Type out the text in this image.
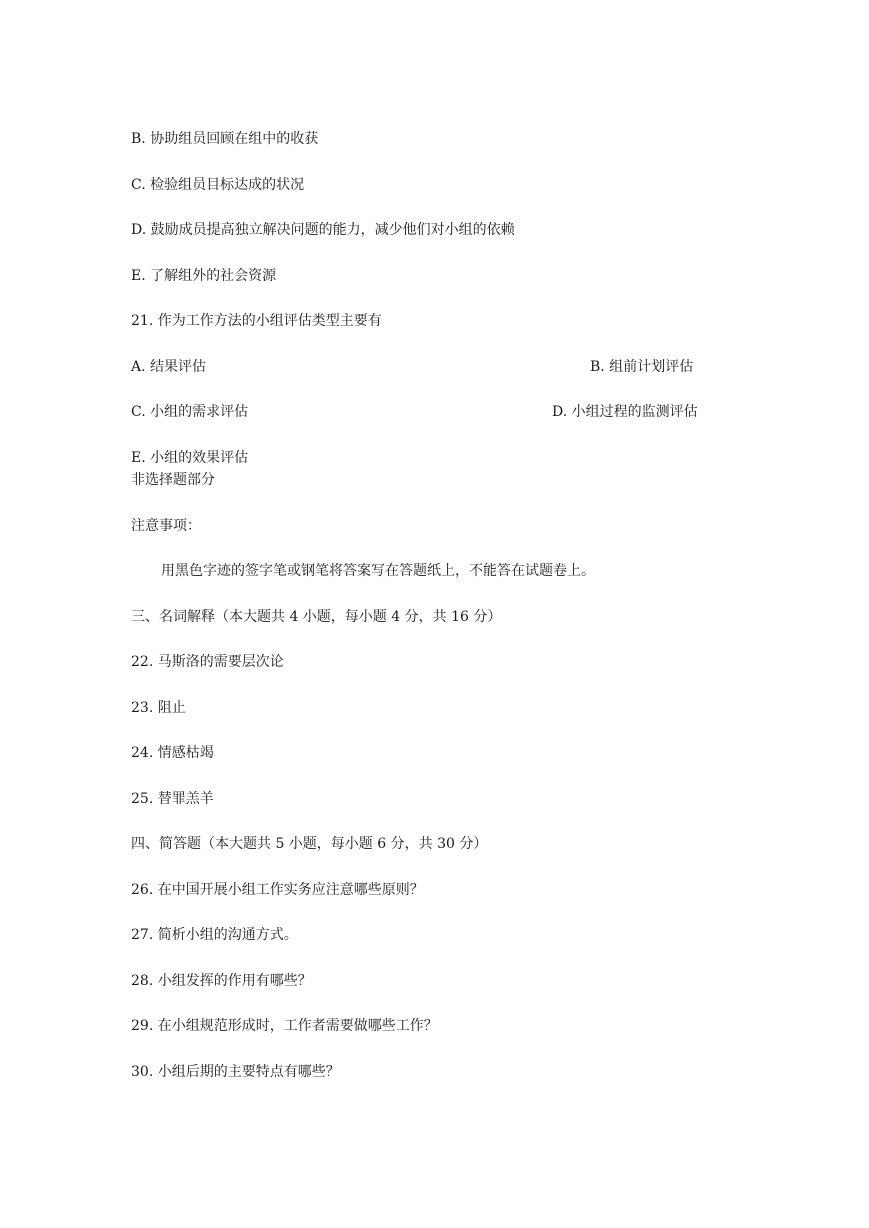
B. 协助组员回顾在组中的收获
C. 检验组员目标达成的状况
D. 鼓励成员提高独立解决问题的能力，减少他们对小组的依赖
E. 了解组外的社会资源
21. 作为工作方法的小组评估类型主要有
A. 结果评估	B. 组前计划评估
C. 小组的需求评估	D. 小组过程的监测评估
E. 小组的效果评估
非选择题部分
注意事项：
用黑色字迹的签字笔或钢笔将答案写在答题纸上，不能答在试题卷上。
三、名词解释（本大题共 4 小题，每小题 4 分，共 16 分）
22. 马斯洛的需要层次论
23. 阻止
24. 情感枯竭
25. 替罪羔羊
四、简答题（本大题共 5 小题，每小题 6 分，共 30 分）
26. 在中国开展小组工作实务应注意哪些原则？
27. 简析小组的沟通方式。
28. 小组发挥的作用有哪些？
29. 在小组规范形成时，工作者需要做哪些工作？
30. 小组后期的主要特点有哪些？
